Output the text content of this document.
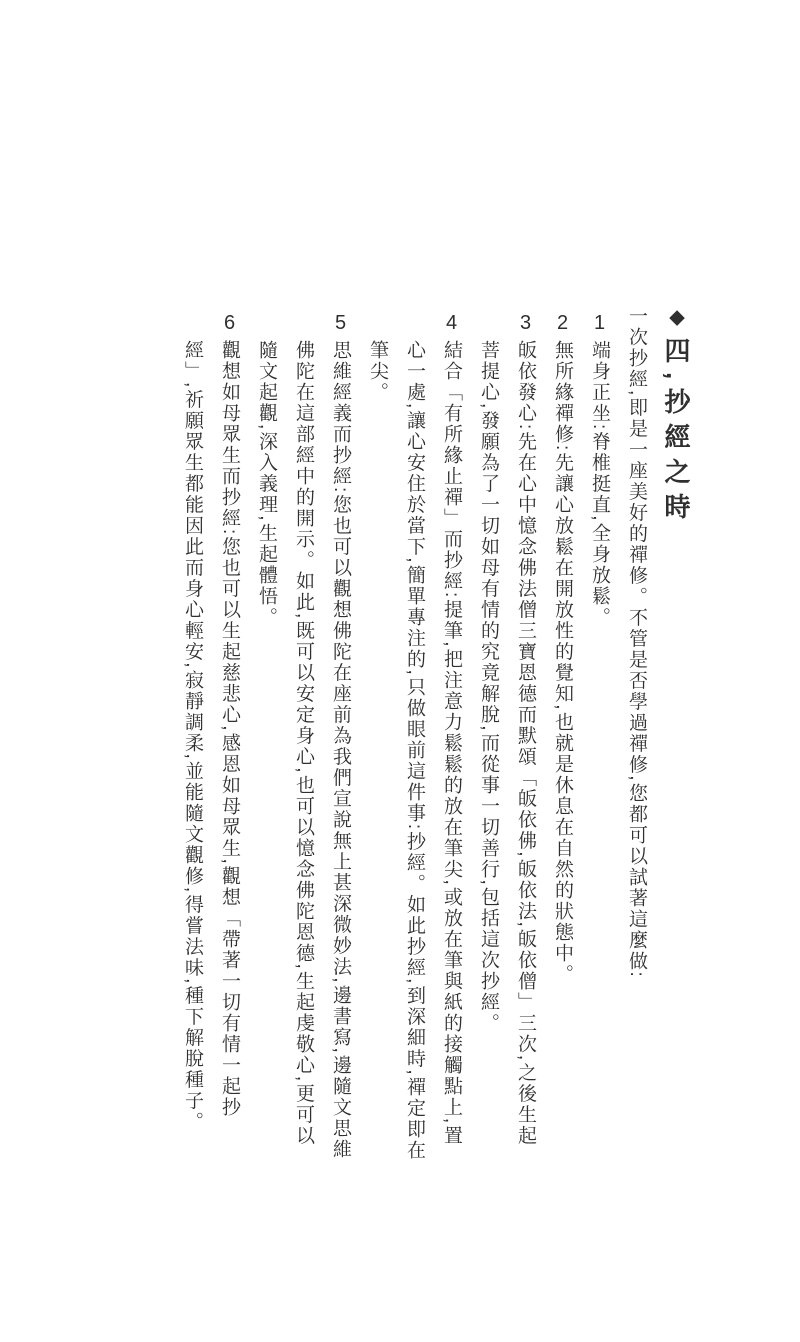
◆四,抄經之時

一次抄經,即是一座美好的禪修。不管是否學過禪修,您都可以試著這麼做:

1
端身正坐:脊椎挺直,全身放鬆。
2
無所緣禪修:先讓心放鬆在開放性的覺知,也就是休息在自然的狀態中。
3
皈依發心:先在心中憶念佛法僧三寶恩德而默頌「皈依佛,皈依法,皈依僧」三次,之後生起菩提心,發願為了一切如母有情的究竟解脫,而從事一切善行,包括這次抄經。
4
結合「有所緣止禪」而抄經:提筆,把注意力鬆鬆的放在筆尖,或放在筆與紙的接觸點上,置心一處,讓心安住於當下,簡單專注的,只做眼前這件事:抄經。如此抄經,到深細時,禪定即在筆尖。
5
思維經義而抄經:您也可以觀想佛陀在座前為我們宣說無上甚深微妙法,邊書寫,邊隨文思維佛陀在這部經中的開示。如此,既可以安定身心,也可以憶念佛陀恩德,生起虔敬心,更可以隨文起觀,深入義理,生起體悟。
6
觀想如母眾生而抄經:您也可以生起慈悲心,感恩如母眾生,觀想「帶著一切有情一起抄經」,祈願眾生都能因此而身心輕安,寂靜調柔,並能隨文觀修,得嘗法味,種下解脫種子。
